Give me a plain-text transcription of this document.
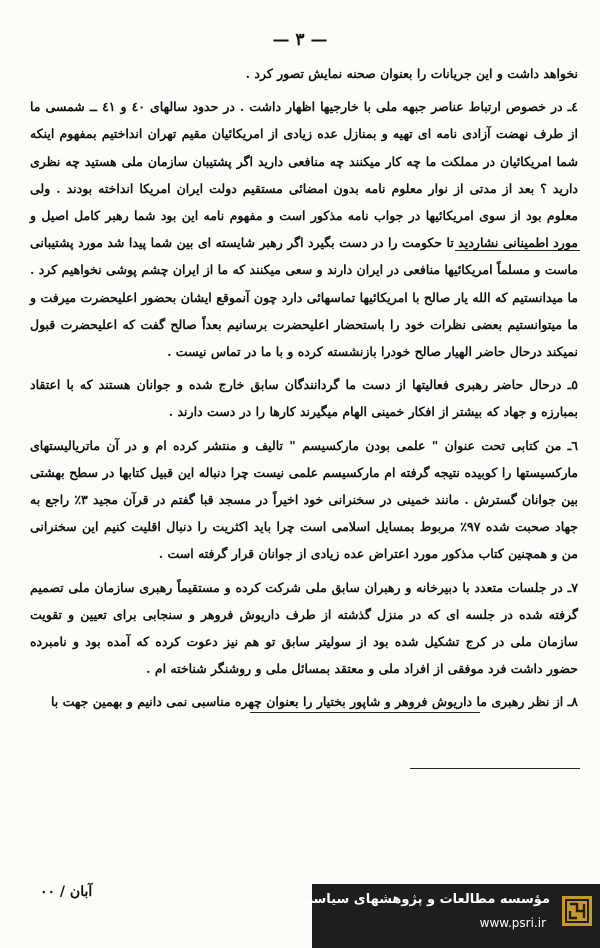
— ٣ —

نخواهد داشت و این جریانات را بعنوان صحنه نمایش تصور کرد .

٤ـ در خصوص ارتباط عناصر جبهه ملی با خارجیها اظهار داشت . در حدود سالهای ٤٠ و ٤١ ــ شمسی ما از طرف نهضت آزادی نامه ای تهیه و بمنازل عده زیادی از امریکائیان مقیم تهران انداختیم بمفهوم اینکه شما امریکائیان در مملکت ما چه کار میکنند چه منافعی دارید اگر پشتیبان سازمان ملی هستید چه نظری دارید ؟ بعد از مدتی از نوار معلوم نامه بدون امضائی مستقیم دولت ایران امریکا انداخته بودند . ولی معلوم بود از سوی امریکائیها در جواب نامه مذکور است و مفهوم نامه این بود شما رهبر کامل اصیل و مورد اطمینانی نشاردید تا حکومت را در دست بگیرد اگر رهبر شایسته ای بین شما پیدا شد مورد پشتیبانی ماست و مسلماً امریکائیها منافعی در ایران دارند و سعی میکنند که ما از ایران چشم پوشی نخواهیم کرد . ما میدانستیم که الله یار صالح با امریکائیها تماسهائی دارد چون آنموقع ایشان بحضور اعلیحضرت میرفت و ما میتوانستیم بعضی نظرات خود را باستحضار اعلیحضرت برسانیم بعداً صالح گفت که اعلیحضرت قبول نمیکند درحال حاضر الهیار صالح خودرا بازنشسته کرده و با ما در تماس نیست .

٥ـ درحال حاضر رهبری فعالیتها از دست ما گردانندگان سابق خارج شده و جوانان هستند که با اعتقاد بمبارزه و جهاد که بیشتر از افکار خمینی الهام میگیرند کارها را در دست دارند .

٦ـ من کتابی تحت عنوان " علمی بودن مارکسیسم " تالیف و منتشر کرده ام و در آن ماتریالیستهای مارکسیستها را کوبیده نتیجه گرفته ام مارکسیسم علمی نیست چرا دنباله این قبیل کتابها در سطح بهشتی بین جوانان گسترش . مانند خمینی در سخنرانی خود اخیراً در مسجد قبا گفتم در قرآن مجید ٣٪ راجع به جهاد صحبت شده ۹۷٪ مربوط بمسایل اسلامی است چرا باید اکثریت را دنبال اقلیت کنیم این سخنرانی من و همچنین کتاب مذکور مورد اعتراض عده زیادی از جوانان قرار گرفته است .

٧ـ در جلسات متعدد با دبیرخانه و رهبران سابق ملی شرکت کرده و مستقیماً رهبری سازمان ملی تصمیم گرفته شده در جلسه ای که در منزل گذشته از طرف داریوش فروهر و سنجابی برای تعیین و تقویت سازمان ملی در کرج تشکیل شده بود از سولیتر سابق تو هم نیز دعوت کرده که آمده بود و نامبرده حضور داشت فرد موفقی از افراد ملی و معتقد بمسائل ملی و روشنگر شناخته ام .

٨ـ از نظر رهبری ما داریوش فروهر و شاپور بختیار را بعنوان چهره مناسبی نمی دانیم و بهمین جهت با

آبان / ۰۰	مؤسسه مطالعات و پژوهشهای سیاسی
www.psri.ir
